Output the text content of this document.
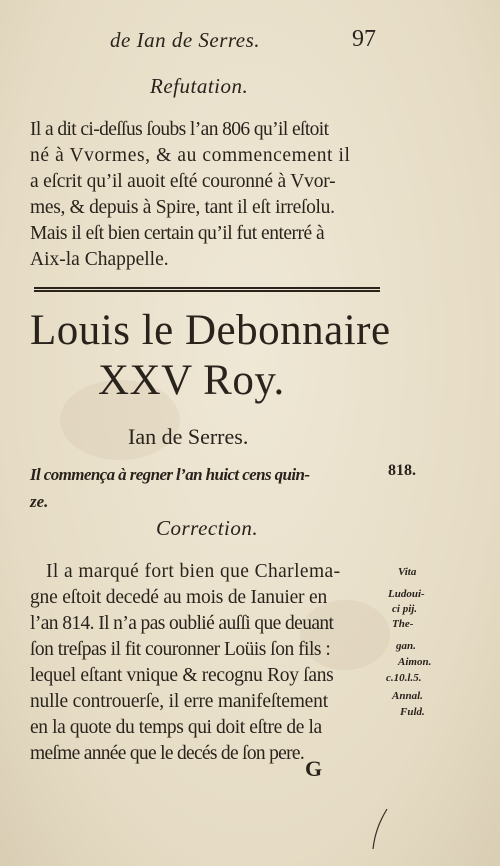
de Ian de Serres.	97
Refutation.
Il a dit ci-deſſus ſoubs l’an 806 qu’il eſtoit
né à Vvormes, & au commencement il
a eſcrit qu’il auoit eſté couronné à Vvor-
mes, & depuis à Spire, tant il eſt irreſolu.
Mais il eſt bien certain qu’il fut enterré à
Aix-la Chappelle.
Louis le Debonnaire
XXV Roy.
Ian de Serres.
Il commença à regner l’an huict cens quin-	818.
ze.
Correction.
Il a marqué fort bien que Charlema-
gne eſtoit decedé au mois de Ianuier en
l’an 814. Il n’a pas oublié auſſi que deuant
ſon treſpas il fit couronner Loüis ſon fils :
lequel eſtant vnique & recognu Roy ſans
nulle controuerſe, il erre manifeſtement
en la quote du temps qui doit eſtre de la
meſme année que le decés de ſon pere.
Vita
Ludoui-
ci pij.
The-
gan.
Aimon.
c.10.l.5.
Annal.
Fuld.
G
